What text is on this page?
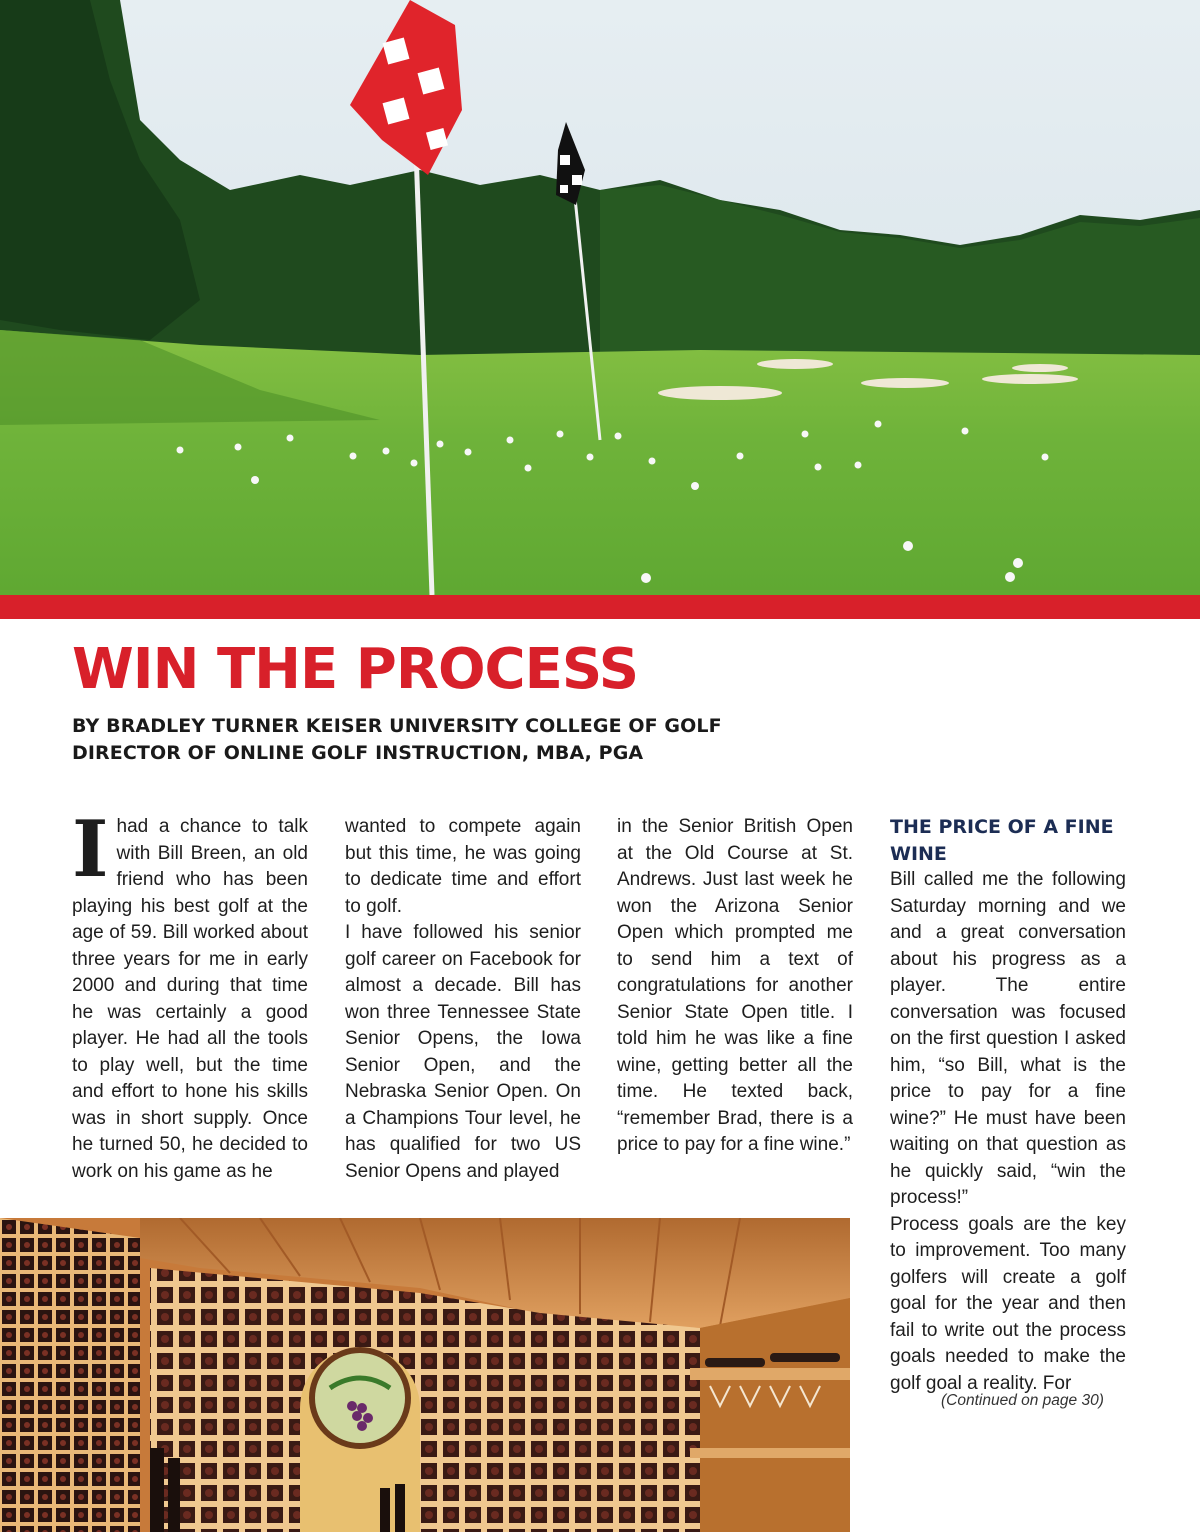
WIN THE PROCESS
BY BRADLEY TURNER KEISER UNIVERSITY COLLEGE OF GOLF
DIRECTOR OF ONLINE GOLF INSTRUCTION, MBA, PGA
I had a chance to talk with Bill Breen, an old friend who has been playing his best golf at the age of 59. Bill worked about three years for me in early 2000 and during that time he was certainly a good player. He had all the tools to play well, but the time and effort to hone his skills was in short supply. Once he turned 50, he decided to work on his game as he

wanted to compete again but this time, he was going to dedicate time and effort to golf.

I have followed his senior golf career on Facebook for almost a decade. Bill has won three Tennessee State Senior Opens, the Iowa Senior Open, and the Nebraska Senior Open. On a Champions Tour level, he has qualified for two US Senior Opens and played

in the Senior British Open at the Old Course at St. Andrews. Just last week he won the Arizona Senior Open which prompted me to send him a text of congratulations for another Senior State Open title. I told him he was like a fine wine, getting better all the time. He texted back, “remember Brad, there is a price to pay for a fine wine.”

THE PRICE OF A FINE WINE

Bill called me the following Saturday morning and we and a great conversation about his progress as a player. The entire conversation was focused on the first question I asked him, “so Bill, what is the price to pay for a fine wine?” He must have been waiting on that question as he quickly said, “win the process!”

Process goals are the key to improvement. Too many golfers will create a golf goal for the year and then fail to write out the process goals needed to make the golf goal a reality. For

(Continued on page 30)
